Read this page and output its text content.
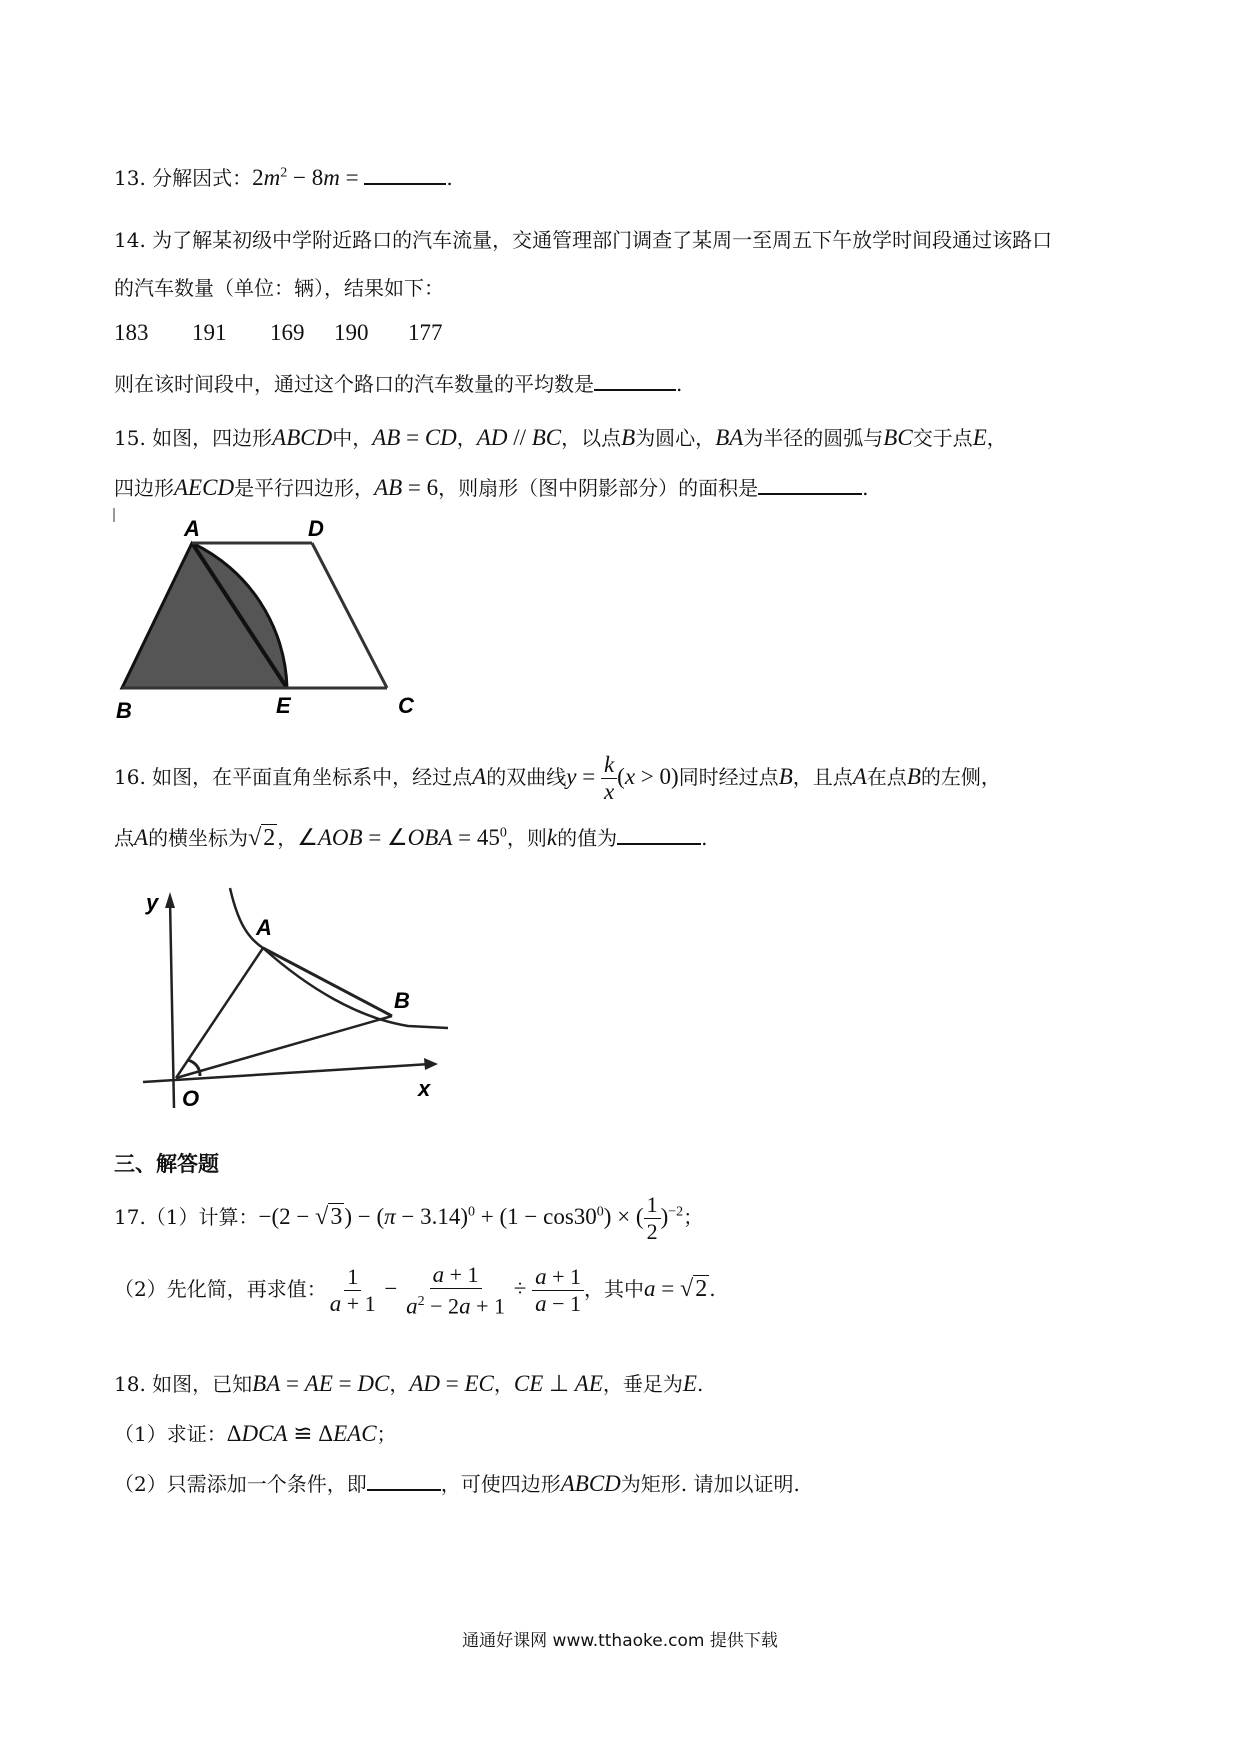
13. 分解因式：$2m^2 - 8m$ =	.
14. 为了解某初级中学附近路口的汽车流量，交通管理部门调查了某周一至周五下午放学时间段通过该路口
的汽车数量（单位：辆），结果如下：
183 191 169 190 177
则在该时间段中，通过这个路口的汽车数量的平均数是	.
15. 如图，四边形ABCD中，AB = CD，AD // BC，以点B为圆心，BA为半径的圆弧与BC交于点E，
四边形AECD是平行四边形，AB = 6，则扇形（图中阴影部分）的面积是	.
A	D
B	E	C
16. 如图，在平面直角坐标系中，经过点A的双曲线$y = \frac{k}{x} (x > 0)$同时经过点B，且点A在点B的左侧，
点A的横坐标为 √ 2 ，∠AOB = ∠OBA = $45^0$，则k的值为	.
y
A
B
O	x
三、解答题
17.（1）计算：−(2 − √ 3 ) − $(\pi - 3.14)^0 + (1 - \cos 30^0)$ × ( $\frac{1}{2} )^{-2}$；
（2）先化简，再求值： $\frac{1}{a + 1} - \frac{a + 1}{a^2 - 2a + 1} \div \frac{a + 1}{a - 1}$ ，其中a = √ 2 .
18. 如图，已知BA = AE = DC，AD = EC，CE ⊥ AE，垂足为E.
（1）求证：ΔDCA ≌ ΔEAC；
（2）只需添加一个条件，即	，可使四边形ABCD为矩形. 请加以证明.
通通好课网 www.tthaoke.com 提供下载
